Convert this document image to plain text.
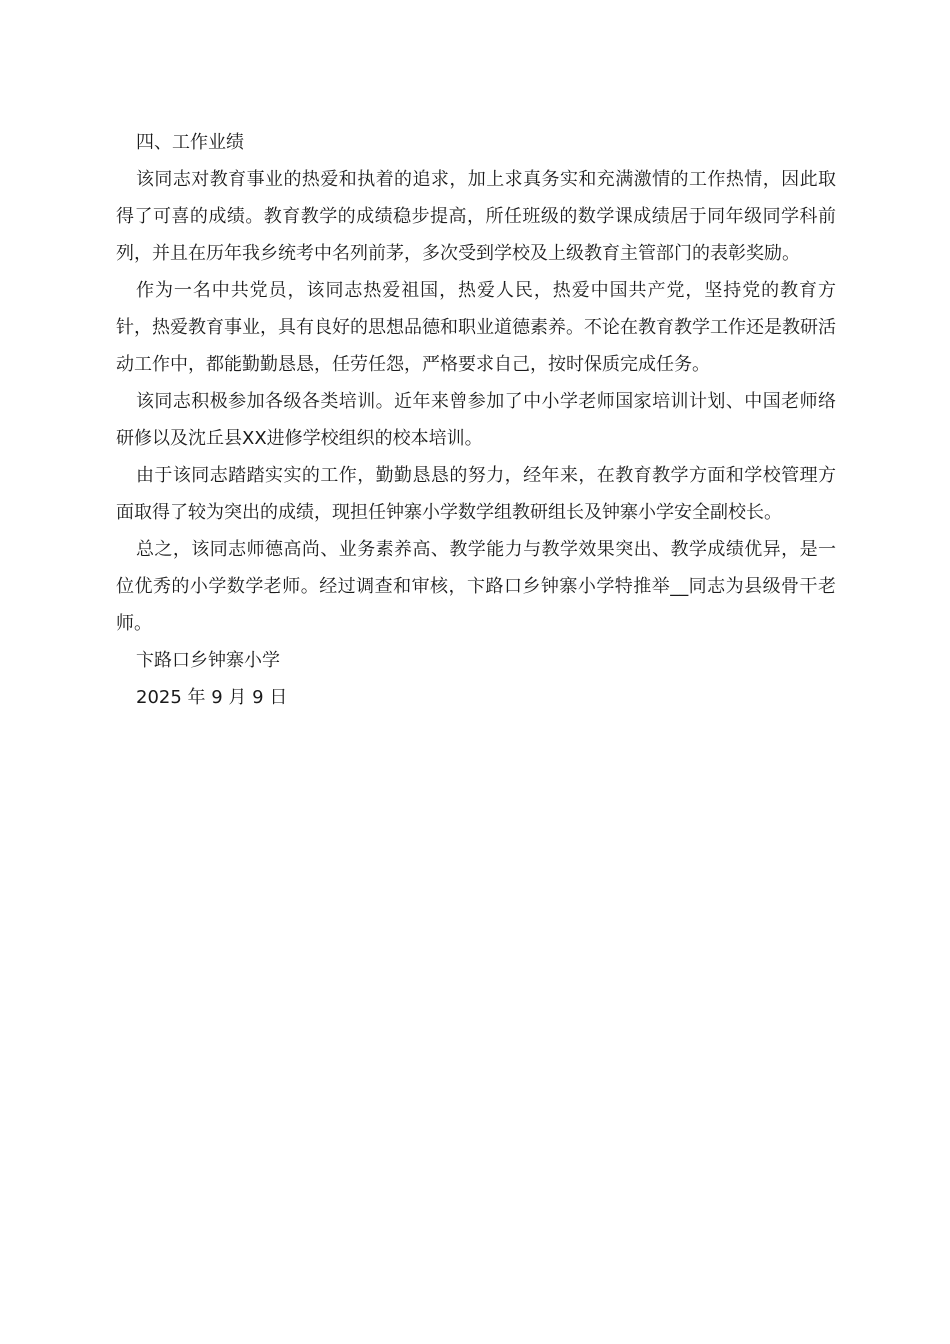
四、工作业绩

该同志对教育事业的热爱和执着的追求，加上求真务实和充满激情的工作热情，因此取得了可喜的成绩。教育教学的成绩稳步提高，所任班级的数学课成绩居于同年级同学科前列，并且在历年我乡统考中名列前茅，多次受到学校及上级教育主管部门的表彰奖励。

作为一名中共党员，该同志热爱祖国，热爱人民，热爱中国共产党，坚持党的教育方针，热爱教育事业，具有良好的思想品德和职业道德素养。不论在教育教学工作还是教研活动工作中，都能勤勤恳恳，任劳任怨，严格要求自己，按时保质完成任务。

该同志积极参加各级各类培训。近年来曾参加了中小学老师国家培训计划、中国老师络研修以及沈丘县XX进修学校组织的校本培训。

由于该同志踏踏实实的工作，勤勤恳恳的努力，经年来，在教育教学方面和学校管理方面取得了较为突出的成绩，现担任钟寨小学数学组教研组长及钟寨小学安全副校长。

总之，该同志师德高尚、业务素养高、教学能力与教学效果突出、教学成绩优异，是一位优秀的小学数学老师。经过调查和审核，卞路口乡钟寨小学特推举__同志为县级骨干老师。

卞路口乡钟寨小学

2025 年 9 月 9 日
